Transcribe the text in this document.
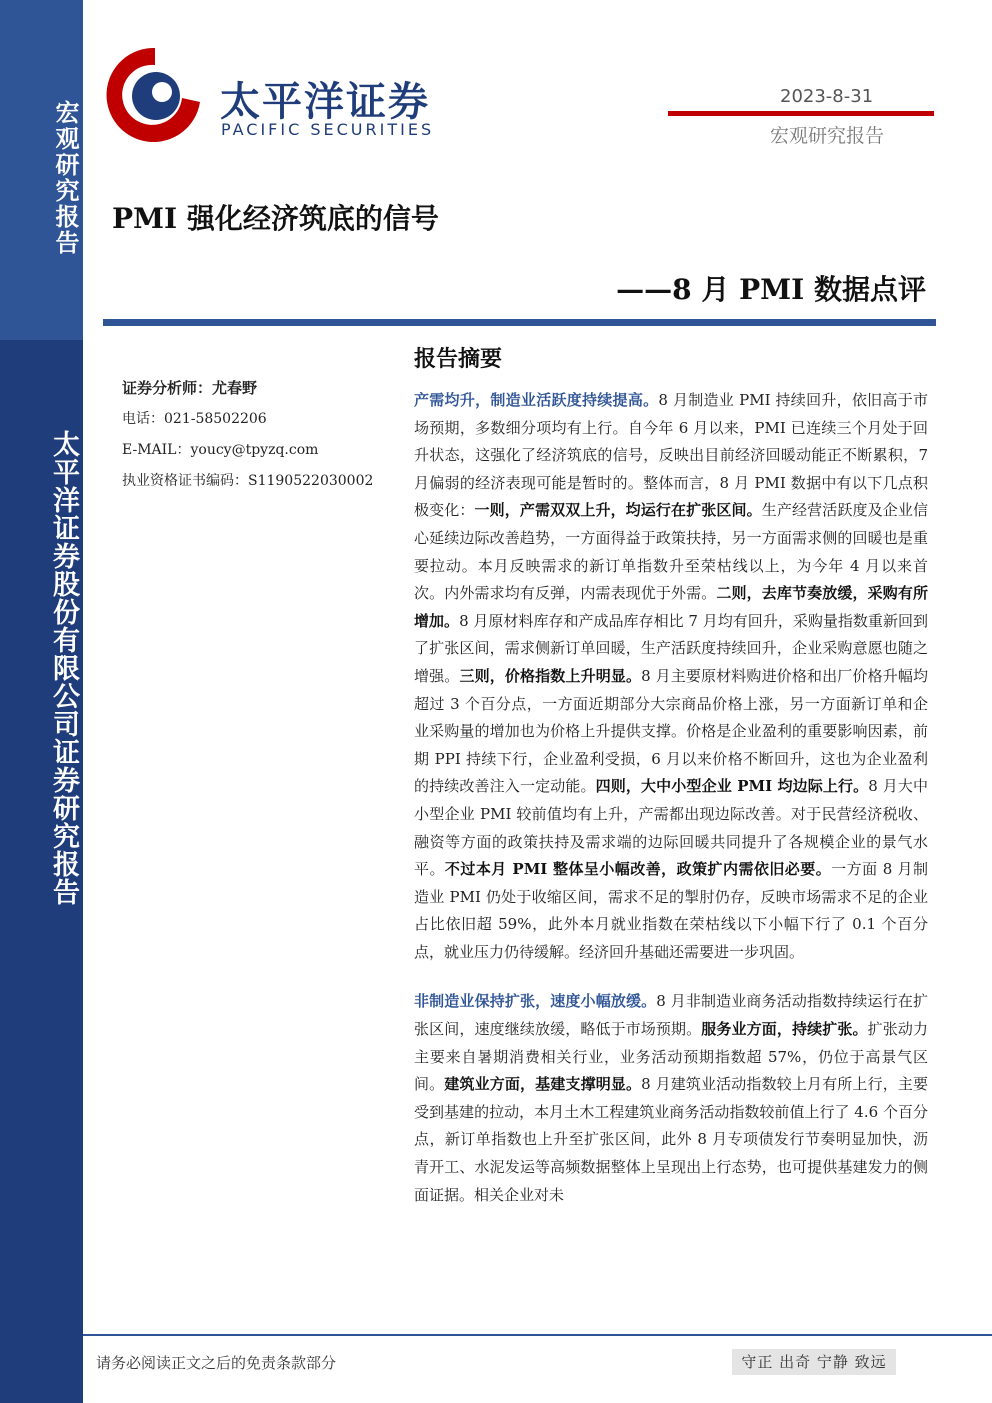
宏观研究报告
太平洋证券股份有限公司证券研究报告
太平洋证券
PACIFIC SECURITIES
2023-8-31
宏观研究报告
PMI 强化经济筑底的信号
——8 月 PMI 数据点评
报告摘要
证券分析师：尤春野
电话：021-58502206
E-MAIL：youcy@tpyzq.com
执业资格证书编码：S1190522030002

产需均升，制造业活跃度持续提高。8 月制造业 PMI 持续回升，依旧高于市场预期，多数细分项均有上行。自今年 6 月以来，PMI 已连续三个月处于回升状态，这强化了经济筑底的信号，反映出目前经济回暖动能正不断累积，7 月偏弱的经济表现可能是暂时的。整体而言，8 月 PMI 数据中有以下几点积极变化：一则，产需双双上升，均运行在扩张区间。生产经营活跃度及企业信心延续边际改善趋势，一方面得益于政策扶持，另一方面需求侧的回暖也是重要拉动。本月反映需求的新订单指数升至荣枯线以上，为今年 4 月以来首次。内外需求均有反弹，内需表现优于外需。二则，去库节奏放缓，采购有所增加。8 月原材料库存和产成品库存相比 7 月均有回升，采购量指数重新回到了扩张区间，需求侧新订单回暖，生产活跃度持续回升，企业采购意愿也随之增强。三则，价格指数上升明显。8 月主要原材料购进价格和出厂价格升幅均超过 3 个百分点，一方面近期部分大宗商品价格上涨，另一方面新订单和企业采购量的增加也为价格上升提供支撑。价格是企业盈利的重要影响因素，前期 PPI 持续下行，企业盈利受损，6 月以来价格不断回升，这也为企业盈利的持续改善注入一定动能。四则，大中小型企业 PMI 均边际上行。8 月大中小型企业 PMI 较前值均有上升，产需都出现边际改善。对于民营经济税收、融资等方面的政策扶持及需求端的边际回暖共同提升了各规模企业的景气水平。不过本月 PMI 整体呈小幅改善，政策扩内需依旧必要。一方面 8 月制造业 PMI 仍处于收缩区间，需求不足的掣肘仍存，反映市场需求不足的企业占比依旧超 59%，此外本月就业指数在荣枯线以下小幅下行了 0.1 个百分点，就业压力仍待缓解。经济回升基础还需要进一步巩固。

非制造业保持扩张，速度小幅放缓。8 月非制造业商务活动指数持续运行在扩张区间，速度继续放缓，略低于市场预期。服务业方面，持续扩张。扩张动力主要来自暑期消费相关行业，业务活动预期指数超 57%，仍位于高景气区间。建筑业方面，基建支撑明显。8 月建筑业活动指数较上月有所上行，主要受到基建的拉动，本月土木工程建筑业商务活动指数较前值上行了 4.6 个百分点，新订单指数也上升至扩张区间，此外 8 月专项债发行节奏明显加快，沥青开工、水泥发运等高频数据整体上呈现出上行态势，也可提供基建发力的侧面证据。相关企业对未

请务必阅读正文之后的免责条款部分	守正 出奇 宁静 致远
